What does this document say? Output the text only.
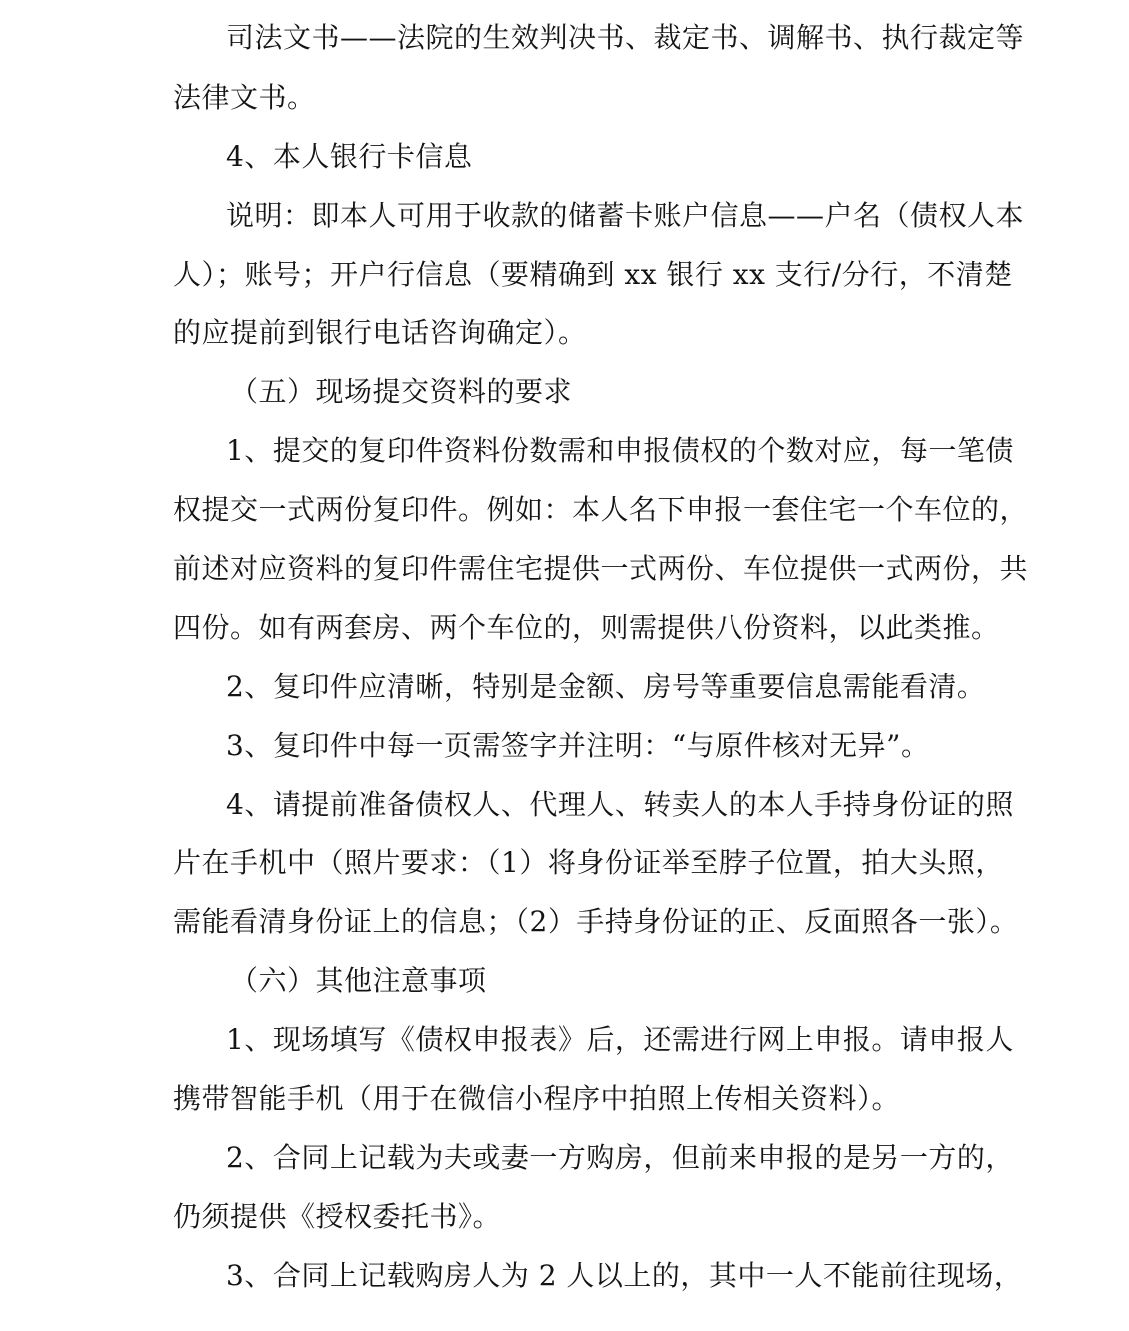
司法文书——法院的生效判决书、裁定书、调解书、执行裁定等
法律文书。
4、本人银行卡信息
说明：即本人可用于收款的储蓄卡账户信息——户名（债权人本
人）；账号；开户行信息（要精确到 xx 银行 xx 支行/分行，不清楚
的应提前到银行电话咨询确定）。
（五）现场提交资料的要求
1、提交的复印件资料份数需和申报债权的个数对应，每一笔债
权提交一式两份复印件。例如：本人名下申报一套住宅一个车位的，
前述对应资料的复印件需住宅提供一式两份、车位提供一式两份，共
四份。如有两套房、两个车位的，则需提供八份资料，以此类推。
2、复印件应清晰，特别是金额、房号等重要信息需能看清。
3、复印件中每一页需签字并注明：“与原件核对无异”。
4、请提前准备债权人、代理人、转卖人的本人手持身份证的照
片在手机中（照片要求：（1）将身份证举至脖子位置，拍大头照，
需能看清身份证上的信息；（2）手持身份证的正、反面照各一张）。
（六）其他注意事项
1、现场填写《债权申报表》后，还需进行网上申报。请申报人
携带智能手机（用于在微信小程序中拍照上传相关资料）。
2、合同上记载为夫或妻一方购房，但前来申报的是另一方的，
仍须提供《授权委托书》。
3、合同上记载购房人为 2 人以上的，其中一人不能前往现场，
